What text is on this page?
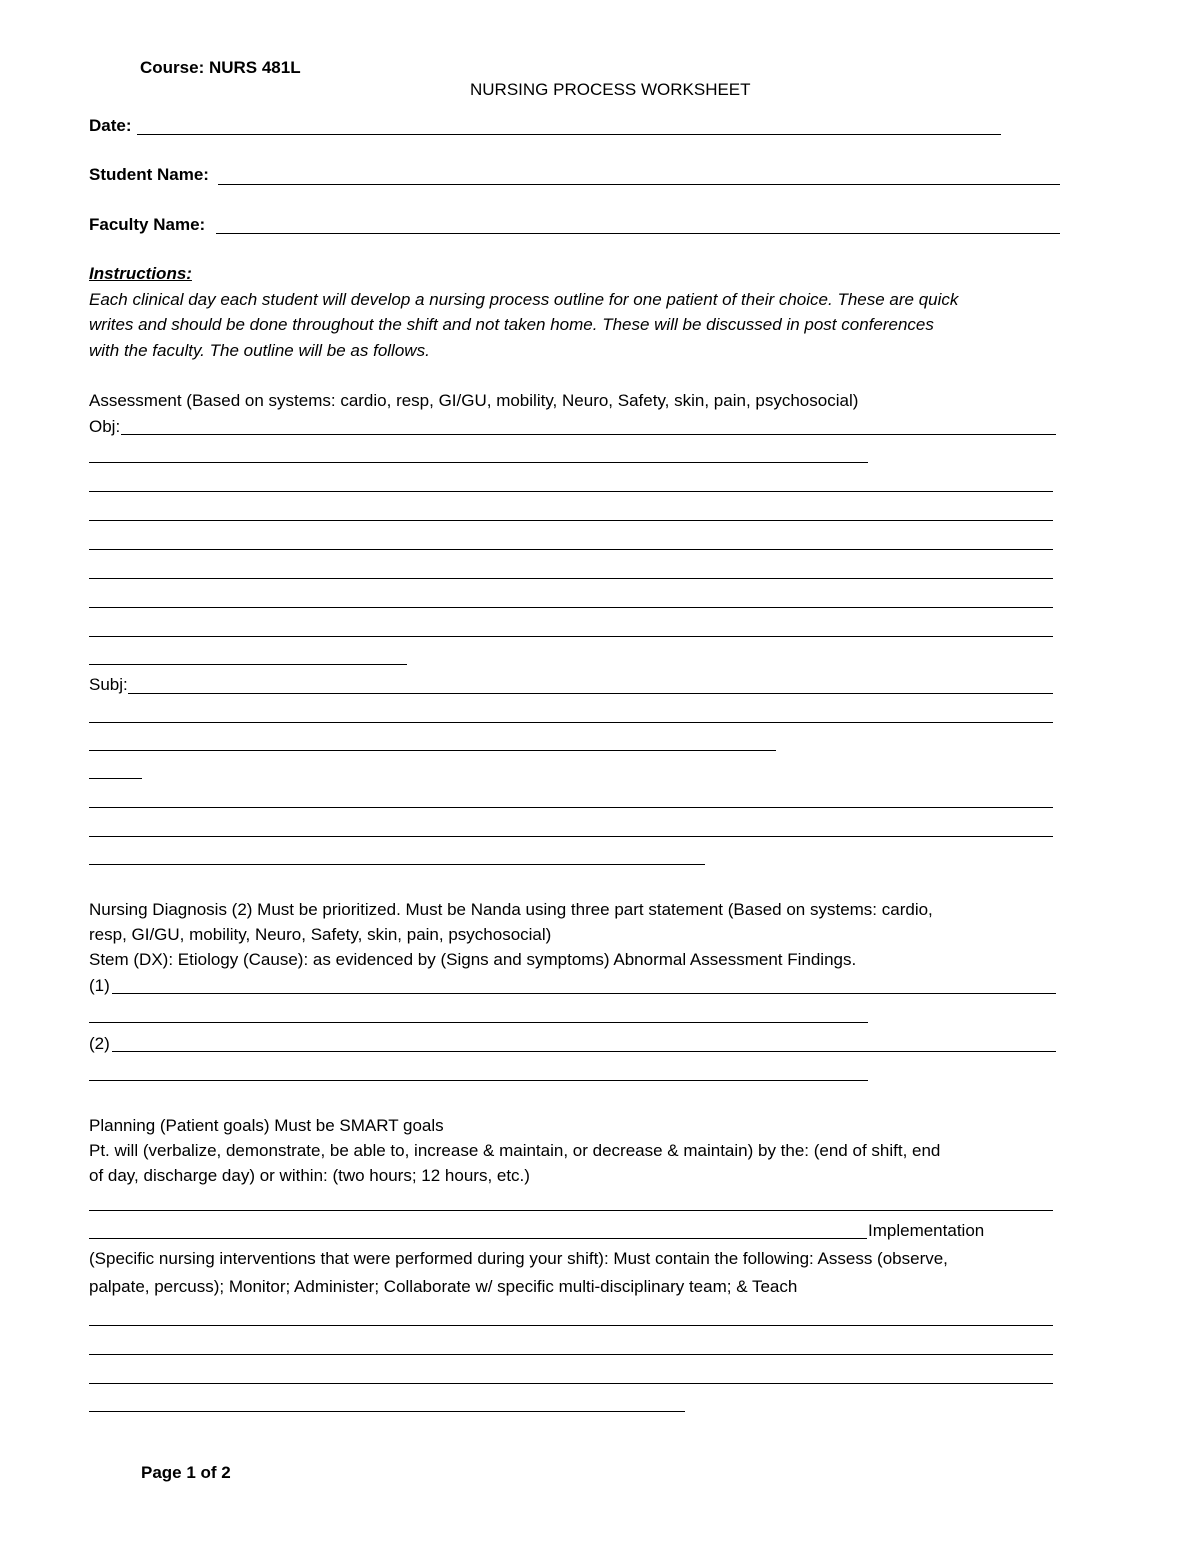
Course: NURS 481L
NURSING PROCESS WORKSHEET
Date:
Student Name:
Faculty Name:
Instructions:
Each clinical day each student will develop a nursing process outline for one patient of their choice. These are quick
writes and should be done throughout the shift and not taken home. These will be discussed in post conferences
with the faculty. The outline will be as follows.
Assessment (Based on systems: cardio, resp, GI/GU, mobility, Neuro, Safety, skin, pain, psychosocial)
Obj:
Subj:
Nursing Diagnosis (2) Must be prioritized. Must be Nanda using three part statement (Based on systems: cardio,
resp, GI/GU, mobility, Neuro, Safety, skin, pain, psychosocial)
Stem (DX): Etiology (Cause): as evidenced by (Signs and symptoms) Abnormal Assessment Findings.
(1)
(2)
Planning (Patient goals) Must be SMART goals
Pt. will (verbalize, demonstrate, be able to, increase & maintain, or decrease & maintain) by the: (end of shift, end
of day, discharge day) or within: (two hours; 12 hours, etc.)
Implementation
(Specific nursing interventions that were performed during your shift): Must contain the following: Assess (observe,
palpate, percuss); Monitor; Administer; Collaborate w/ specific multi-disciplinary team; & Teach
Page 1 of 2
